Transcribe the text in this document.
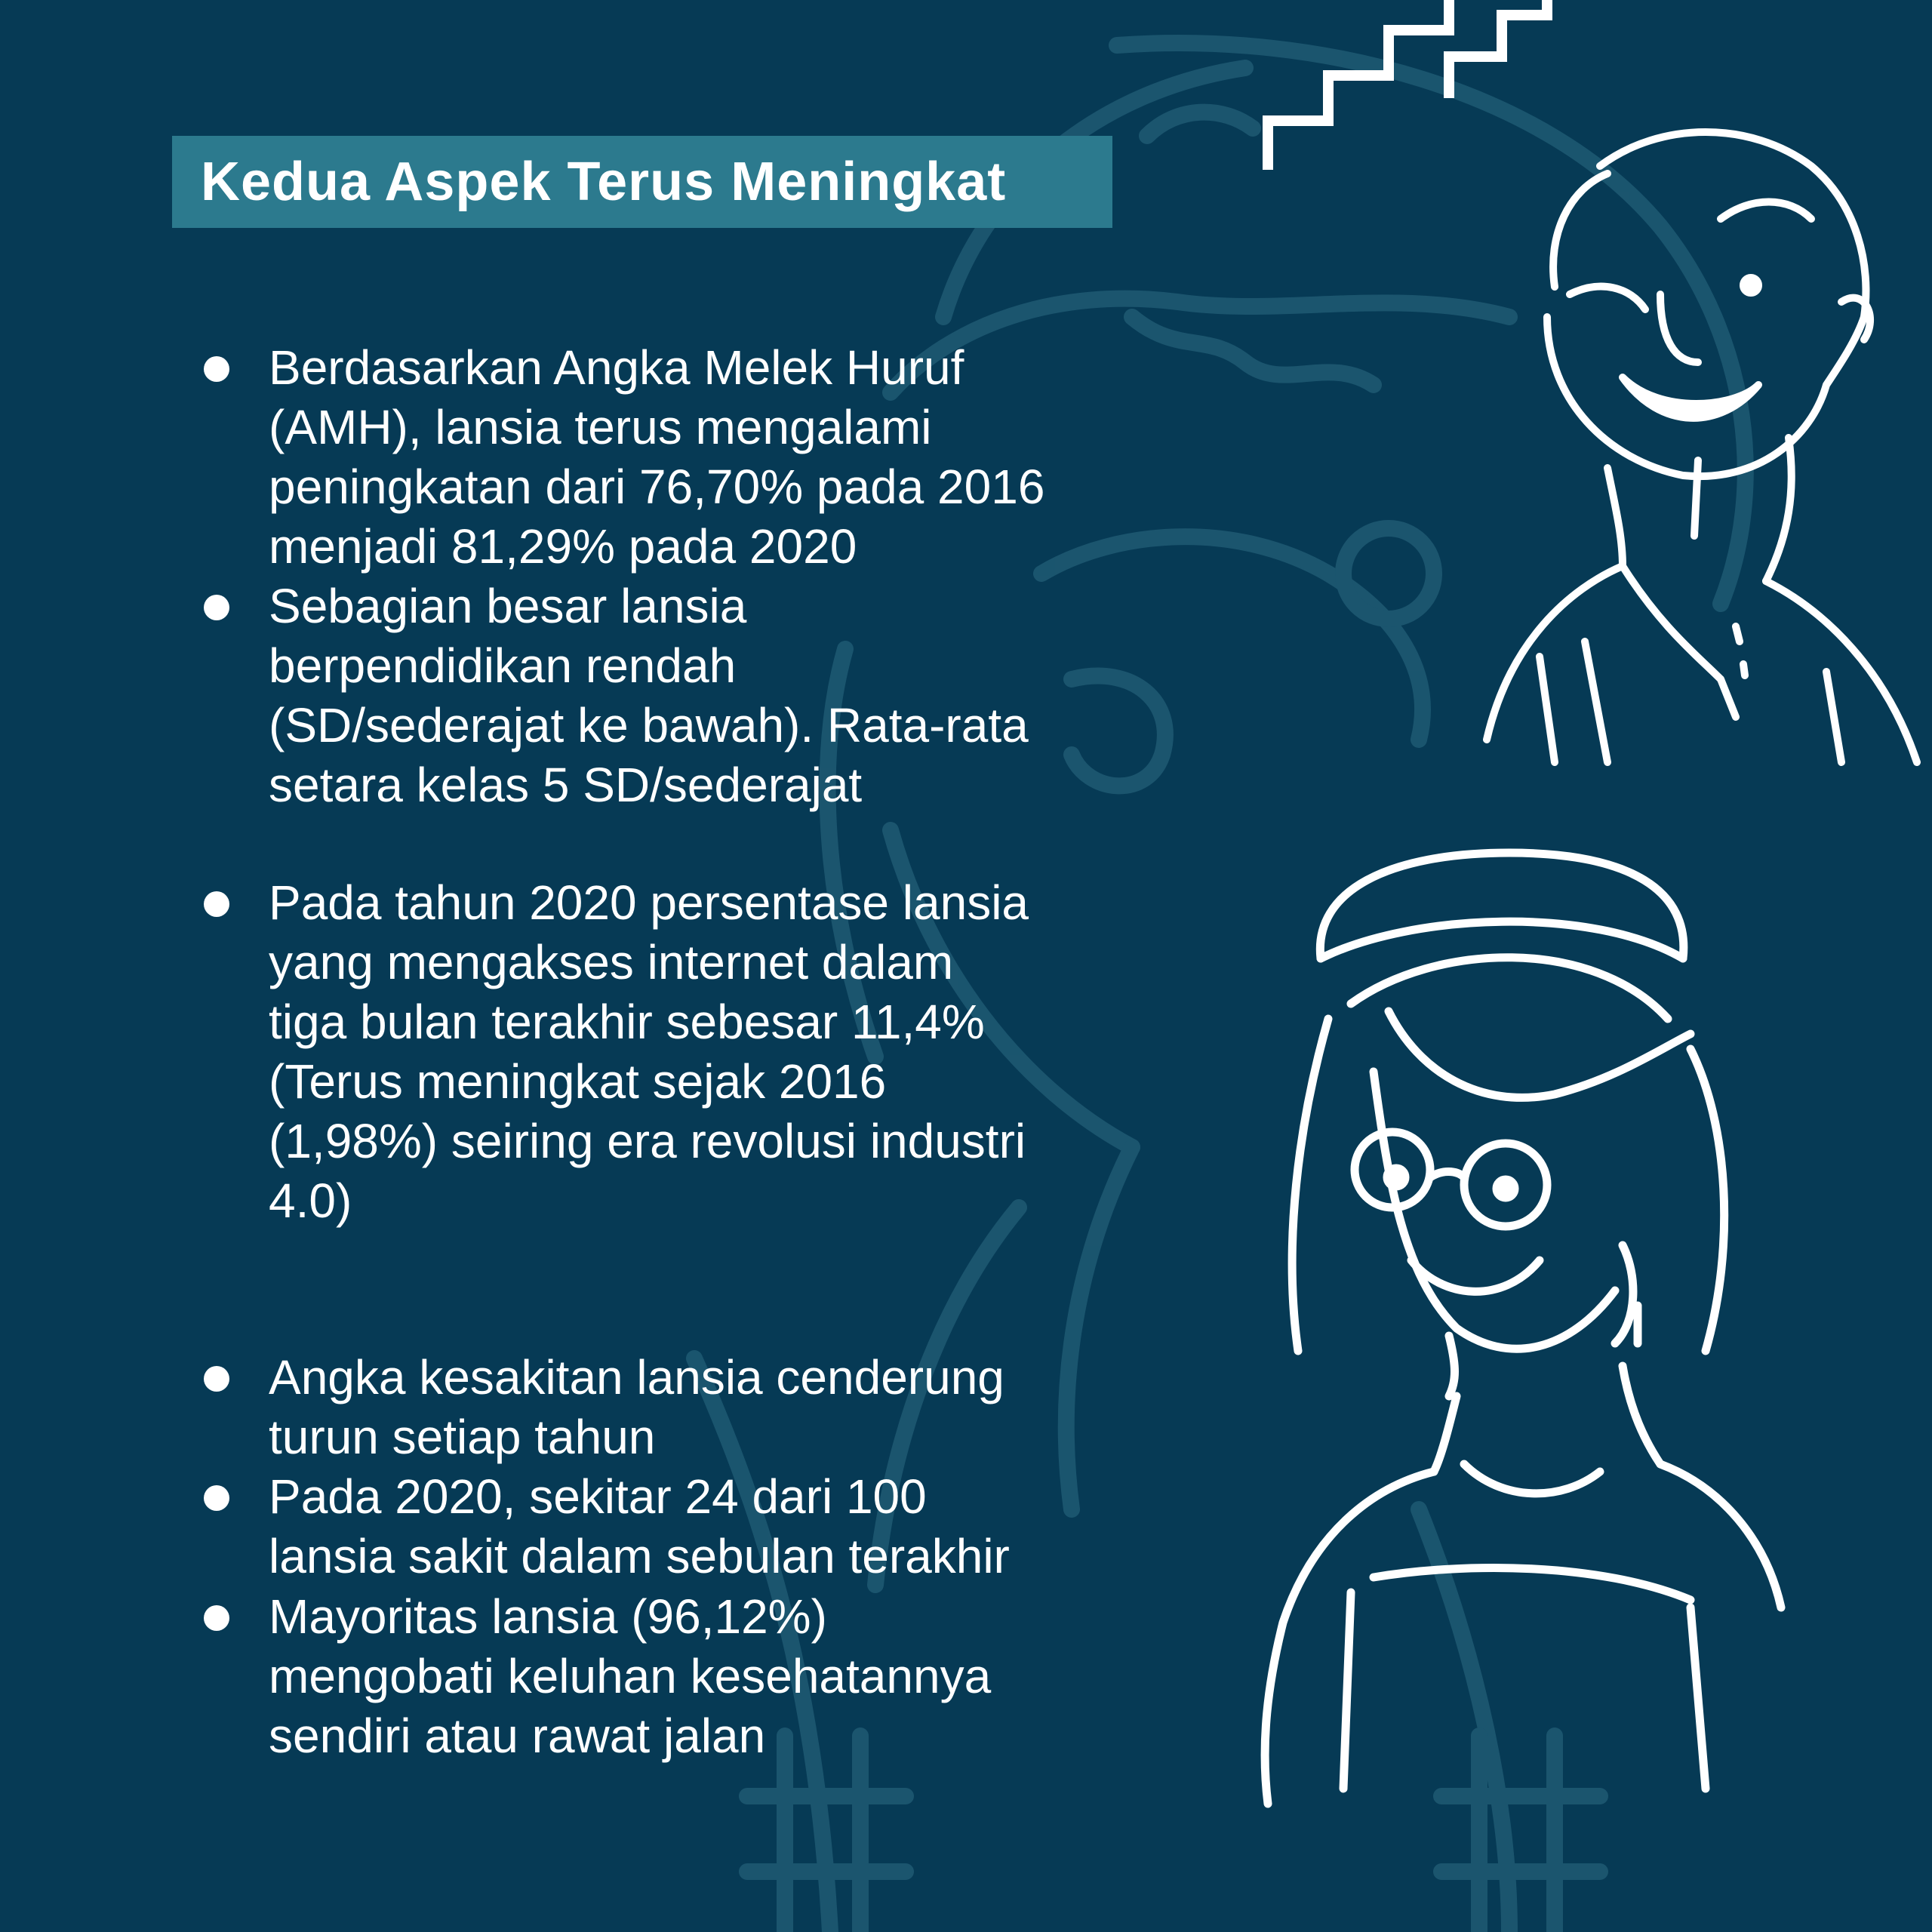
Kedua Aspek Terus Meningkat
Berdasarkan Angka Melek Huruf
(AMH), lansia terus mengalami
peningkatan dari 76,70% pada 2016
menjadi 81,29% pada 2020
Sebagian besar lansia
berpendidikan rendah
(SD/sederajat ke bawah). Rata-rata
setara kelas 5 SD/sederajat
Pada tahun 2020 persentase lansia
yang mengakses internet dalam
tiga bulan terakhir sebesar 11,4%
(Terus meningkat sejak 2016
(1,98%) seiring era revolusi industri
4.0)
Angka kesakitan lansia cenderung
turun setiap tahun
Pada 2020, sekitar 24 dari 100
lansia sakit dalam sebulan terakhir
Mayoritas lansia (96,12%)
mengobati keluhan kesehatannya
sendiri atau rawat jalan
